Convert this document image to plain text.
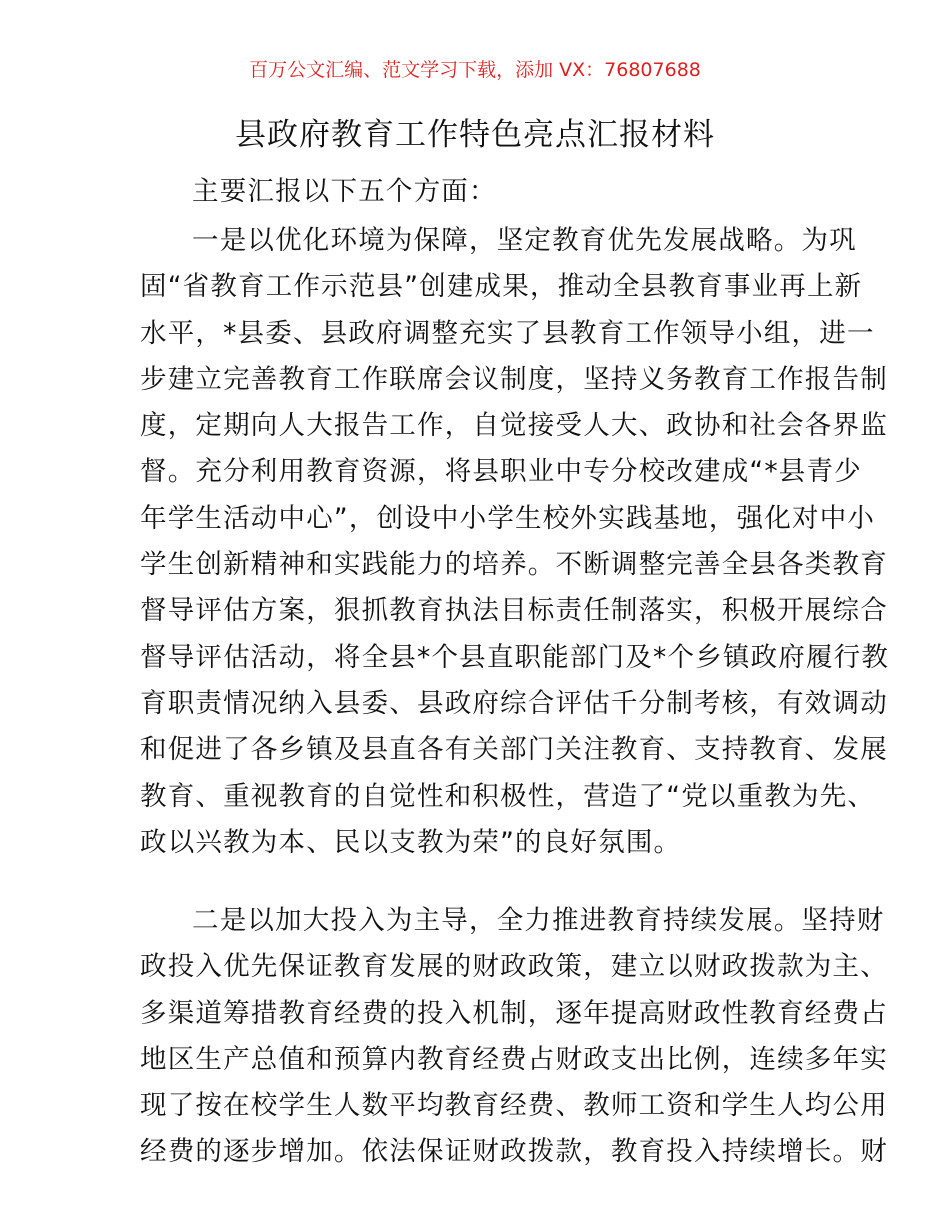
百万公文汇编、范文学习下载，添加 VX：76807688
县政府教育工作特色亮点汇报材料
主要汇报以下五个方面：
一是以优化环境为保障，坚定教育优先发展战略。为巩
固“省教育工作示范县”创建成果，推动全县教育事业再上新
水平，*县委、县政府调整充实了县教育工作领导小组，进一
步建立完善教育工作联席会议制度，坚持义务教育工作报告制
度，定期向人大报告工作，自觉接受人大、政协和社会各界监
督。充分利用教育资源，将县职业中专分校改建成“*县青少
年学生活动中心”，创设中小学生校外实践基地，强化对中小
学生创新精神和实践能力的培养。不断调整完善全县各类教育
督导评估方案，狠抓教育执法目标责任制落实，积极开展综合
督导评估活动，将全县*个县直职能部门及*个乡镇政府履行教
育职责情况纳入县委、县政府综合评估千分制考核，有效调动
和促进了各乡镇及县直各有关部门关注教育、支持教育、发展
教育、重视教育的自觉性和积极性，营造了“党以重教为先、
政以兴教为本、民以支教为荣”的良好氛围。
二是以加大投入为主导，全力推进教育持续发展。坚持财
政投入优先保证教育发展的财政政策，建立以财政拨款为主、
多渠道筹措教育经费的投入机制，逐年提高财政性教育经费占
地区生产总值和预算内教育经费占财政支出比例，连续多年实
现了按在校学生人数平均教育经费、教师工资和学生人均公用
经费的逐步增加。依法保证财政拨款，教育投入持续增长。财
